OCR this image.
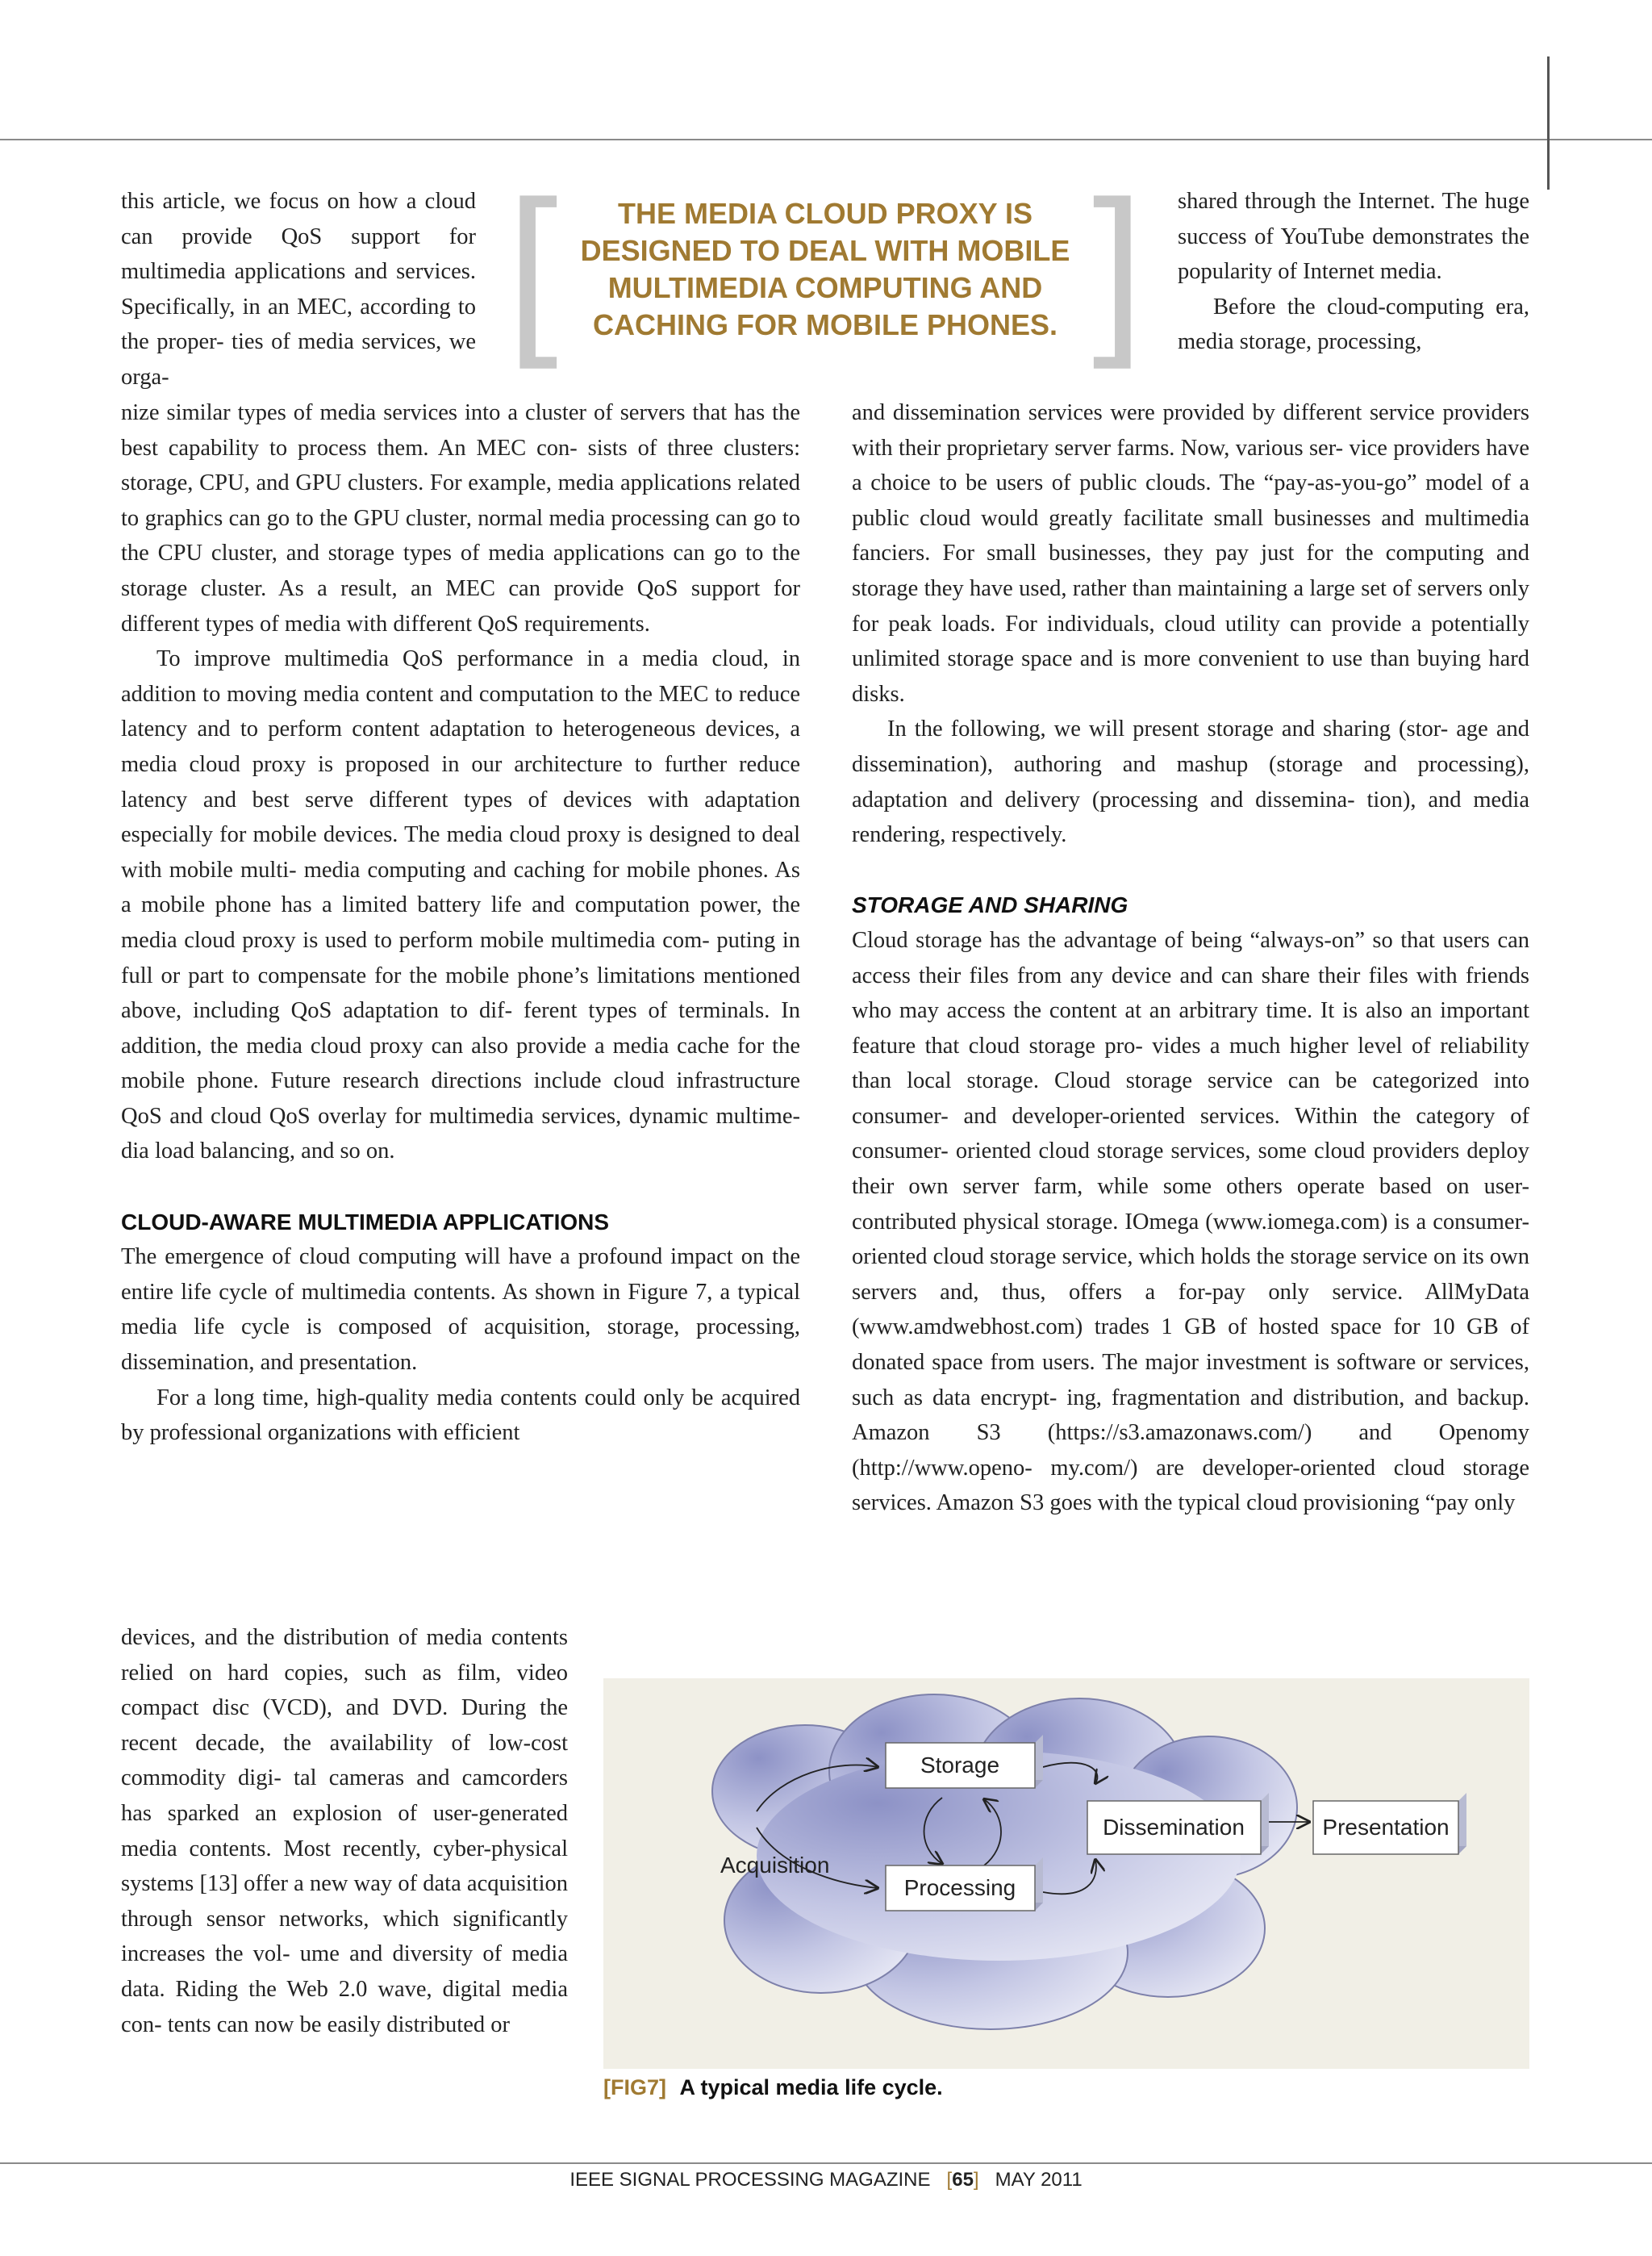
this article, we focus on how a cloud can provide QoS support for multimedia applications and services. Specifically, in an MEC, according to the proper- ties of media services, we orga-

[	THE MEDIA CLOUD PROXY IS DESIGNED TO DEAL WITH MOBILE MULTIMEDIA COMPUTING AND CACHING FOR MOBILE PHONES. ] shared through the Internet. The huge success of YouTube demonstrates the popularity of Internet media.

Before the cloud-computing era, media storage, processing,

nize similar types of media services into a cluster of servers that has the best capability to process them. An MEC con- sists of three clusters: storage, CPU, and GPU clusters. For example, media applications related to graphics can go to the GPU cluster, normal media processing can go to the CPU cluster, and storage types of media applications can go to the storage cluster. As a result, an MEC can provide QoS support for different types of media with different QoS requirements.

To improve multimedia QoS performance in a media cloud, in addition to moving media content and computation to the MEC to reduce latency and to perform content adaptation to heterogeneous devices, a media cloud proxy is proposed in our architecture to further reduce latency and best serve different types of devices with adaptation especially for mobile devices. The media cloud proxy is designed to deal with mobile multi- media computing and caching for mobile phones. As a mobile phone has a limited battery life and computation power, the media cloud proxy is used to perform mobile multimedia com- puting in full or part to compensate for the mobile phone’s limitations mentioned above, including QoS adaptation to dif- ferent types of terminals. In addition, the media cloud proxy can also provide a media cache for the mobile phone. Future research directions include cloud infrastructure QoS and cloud QoS overlay for multimedia services, dynamic multime- dia load balancing, and so on.

CLOUD-AWARE MULTIMEDIA APPLICATIONS

The emergence of cloud computing will have a profound impact on the entire life cycle of multimedia contents. As shown in Figure 7, a typical media life cycle is composed of acquisition, storage, processing, dissemination, and presentation.

For a long time, high-quality media contents could only be acquired by professional organizations with efficient

devices, and the distribution of media contents relied on hard copies, such as film, video compact disc (VCD), and DVD. During the recent decade, the availability of low-cost commodity digi- tal cameras and camcorders has sparked an explosion of user-generated media contents. Most recently, cyber-physical systems [13] offer a new way of data acquisition through sensor networks, which significantly increases the vol- ume and diversity of media data. Riding the Web 2.0 wave, digital media con- tents can now be easily distributed or

and dissemination services were provided by different service providers with their proprietary server farms. Now, various ser- vice providers have a choice to be users of public clouds. The “pay-as-you-go” model of a public cloud would greatly facilitate small businesses and multimedia fanciers. For small businesses, they pay just for the computing and storage they have used, rather than maintaining a large set of servers only for peak loads. For individuals, cloud utility can provide a potentially unlimited storage space and is more convenient to use than buying hard disks.

In the following, we will present storage and sharing (stor- age and dissemination), authoring and mashup (storage and processing), adaptation and delivery (processing and dissemina- tion), and media rendering, respectively.

STORAGE AND SHARING

Cloud storage has the advantage of being “always-on” so that users can access their files from any device and can share their files with friends who may access the content at an arbitrary time. It is also an important feature that cloud storage pro- vides a much higher level of reliability than local storage. Cloud storage service can be categorized into consumer- and developer-oriented services. Within the category of consumer- oriented cloud storage services, some cloud providers deploy their own server farm, while some others operate based on user-contributed physical storage. IOmega (www.iomega.com) is a consumer-oriented cloud storage service, which holds the storage service on its own servers and, thus, offers a for-pay only service. AllMyData (www.amdwebhost.com) trades 1 GB of hosted space for 10 GB of donated space from users. The major investment is software or services, such as data encrypt- ing, fragmentation and distribution, and backup. Amazon S3 (https://s3.amazonaws.com/) and Openomy (http://www.openo- my.com/) are developer-oriented cloud storage services. Amazon S3 goes with the typical cloud provisioning “pay only

Storage
Processing
Dissemination	Presentation
Acquisition
[FIG7] A typical media life cycle.
IEEE SIGNAL PROCESSING MAGAZINE [65] MAY 2011
